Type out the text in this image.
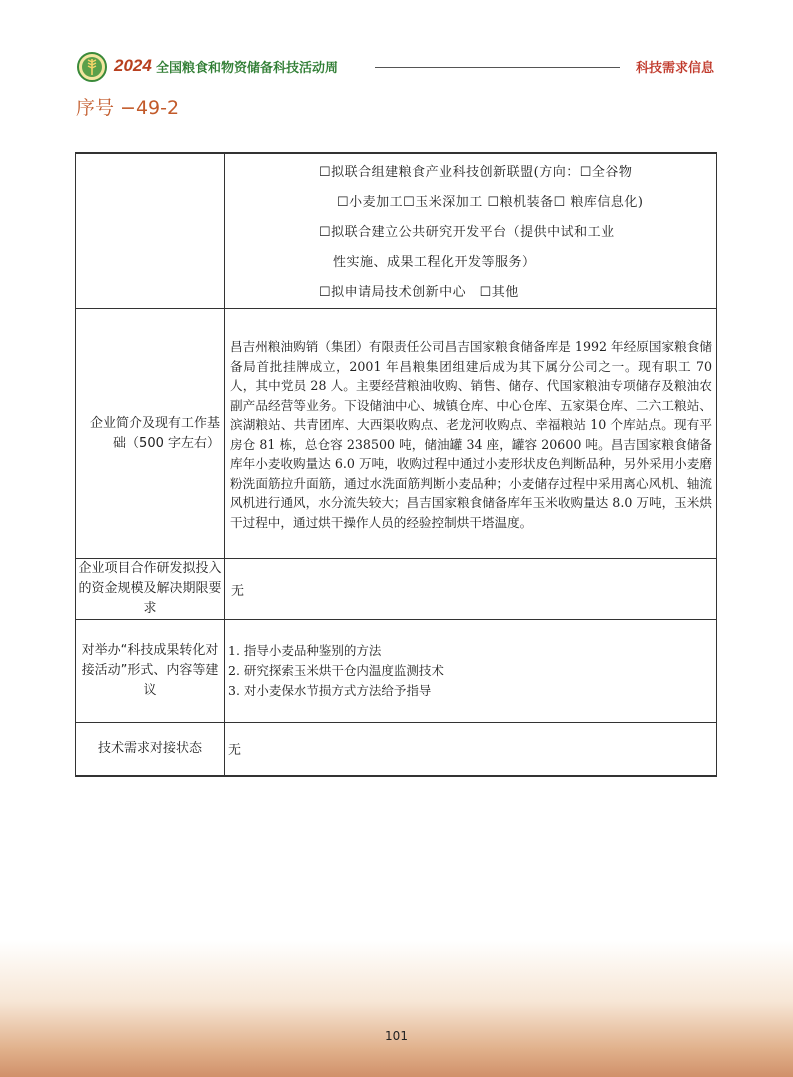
2024 全国粮食和物资储备科技活动周	科技需求信息
序号 −49-2

	☐拟联合组建粮食产业科技创新联盟(方向：☐全谷物
☐小麦加工☐玉米深加工 ☐粮机装备☐ 粮库信息化)
☐拟联合建立公共研究开发平台（提供中试和工业
性实施、成果工程化开发等服务）
☐拟申请局技术创新中心　☐其他

企业简介及现有工作基础（500 字左右）	昌吉州粮油购销（集团）有限责任公司昌吉国家粮食储备库是 1992 年经原国家粮食储备局首批挂牌成立，2001 年昌粮集团组建后成为其下属分公司之一。现有职工 70 人，其中党员 28 人。主要经营粮油收购、销售、储存、代国家粮油专项储存及粮油农副产品经营等业务。下设储油中心、城镇仓库、中心仓库、五家渠仓库、二六工粮站、滨湖粮站、共青团库、大西渠收购点、老龙河收购点、幸福粮站 10 个库站点。现有平房仓 81 栋，总仓容 238500 吨，储油罐 34 座，罐容 20600 吨。昌吉国家粮食储备库年小麦收购量达 6.0 万吨，收购过程中通过小麦形状皮色判断品种，另外采用小麦磨粉洗面筋拉升面筋，通过水洗面筋判断小麦品种；小麦储存过程中采用离心风机、轴流风机进行通风，水分流失较大；昌吉国家粮食储备库年玉米收购量达 8.0 万吨，玉米烘干过程中，通过烘干操作人员的经验控制烘干塔温度。

企业项目合作研发拟投入的资金规模及解决期限要求	无

对举办“科技成果转化对接活动”形式、内容等建议	1. 指导小麦品种鉴别的方法
2. 研究探索玉米烘干仓内温度监测技术
3. 对小麦保水节损方式方法给予指导

技术需求对接状态	无
101
